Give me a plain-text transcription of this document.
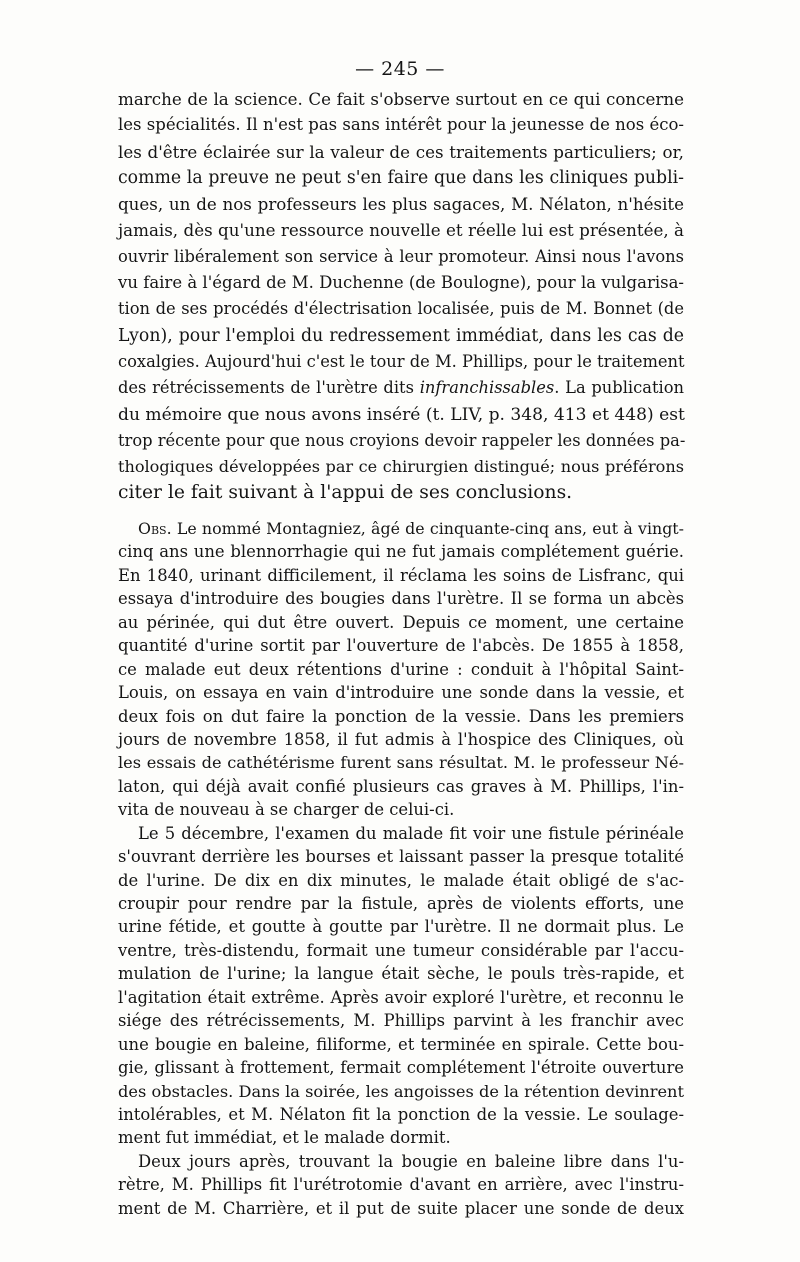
— 245 —
marche de la science. Ce fait s'observe surtout en ce qui concerne
les spécialités. Il n'est pas sans intérêt pour la jeunesse de nos éco-
les d'être éclairée sur la valeur de ces traitements particuliers; or,
comme la preuve ne peut s'en faire que dans les cliniques publi-
ques, un de nos professeurs les plus sagaces, M. Nélaton, n'hésite
jamais, dès qu'une ressource nouvelle et réelle lui est présentée, à
ouvrir libéralement son service à leur promoteur. Ainsi nous l'avons
vu faire à l'égard de M. Duchenne (de Boulogne), pour la vulgarisa-
tion de ses procédés d'électrisation localisée, puis de M. Bonnet (de
Lyon), pour l'emploi du redressement immédiat, dans les cas de
coxalgies. Aujourd'hui c'est le tour de M. Phillips, pour le traitement
des rétrécissements de l'urètre dits infranchissables. La publication
du mémoire que nous avons inséré (t. LIV, p. 348, 413 et 448) est
trop récente pour que nous croyions devoir rappeler les données pa-
thologiques développées par ce chirurgien distingué; nous préférons
citer le fait suivant à l'appui de ses conclusions.
Obs. Le nommé Montagniez, âgé de cinquante-cinq ans, eut à vingt-
cinq ans une blennorrhagie qui ne fut jamais complétement guérie.
En 1840, urinant difficilement, il réclama les soins de Lisfranc, qui
essaya d'introduire des bougies dans l'urètre. Il se forma un abcès
au périnée, qui dut être ouvert. Depuis ce moment, une certaine
quantité d'urine sortit par l'ouverture de l'abcès. De 1855 à 1858,
ce malade eut deux rétentions d'urine : conduit à l'hôpital Saint-
Louis, on essaya en vain d'introduire une sonde dans la vessie, et
deux fois on dut faire la ponction de la vessie. Dans les premiers
jours de novembre 1858, il fut admis à l'hospice des Cliniques, où
les essais de cathétérisme furent sans résultat. M. le professeur Né-
laton, qui déjà avait confié plusieurs cas graves à M. Phillips, l'in-
vita de nouveau à se charger de celui-ci.
Le 5 décembre, l'examen du malade fit voir une fistule périnéale
s'ouvrant derrière les bourses et laissant passer la presque totalité
de l'urine. De dix en dix minutes, le malade était obligé de s'ac-
croupir pour rendre par la fistule, après de violents efforts, une
urine fétide, et goutte à goutte par l'urètre. Il ne dormait plus. Le
ventre, très-distendu, formait une tumeur considérable par l'accu-
mulation de l'urine; la langue était sèche, le pouls très-rapide, et
l'agitation était extrême. Après avoir exploré l'urètre, et reconnu le
siége des rétrécissements, M. Phillips parvint à les franchir avec
une bougie en baleine, filiforme, et terminée en spirale. Cette bou-
gie, glissant à frottement, fermait complétement l'étroite ouverture
des obstacles. Dans la soirée, les angoisses de la rétention devinrent
intolérables, et M. Nélaton fit la ponction de la vessie. Le soulage-
ment fut immédiat, et le malade dormit.
Deux jours après, trouvant la bougie en baleine libre dans l'u-
rètre, M. Phillips fit l'urétrotomie d'avant en arrière, avec l'instru-
ment de M. Charrière, et il put de suite placer une sonde de deux
